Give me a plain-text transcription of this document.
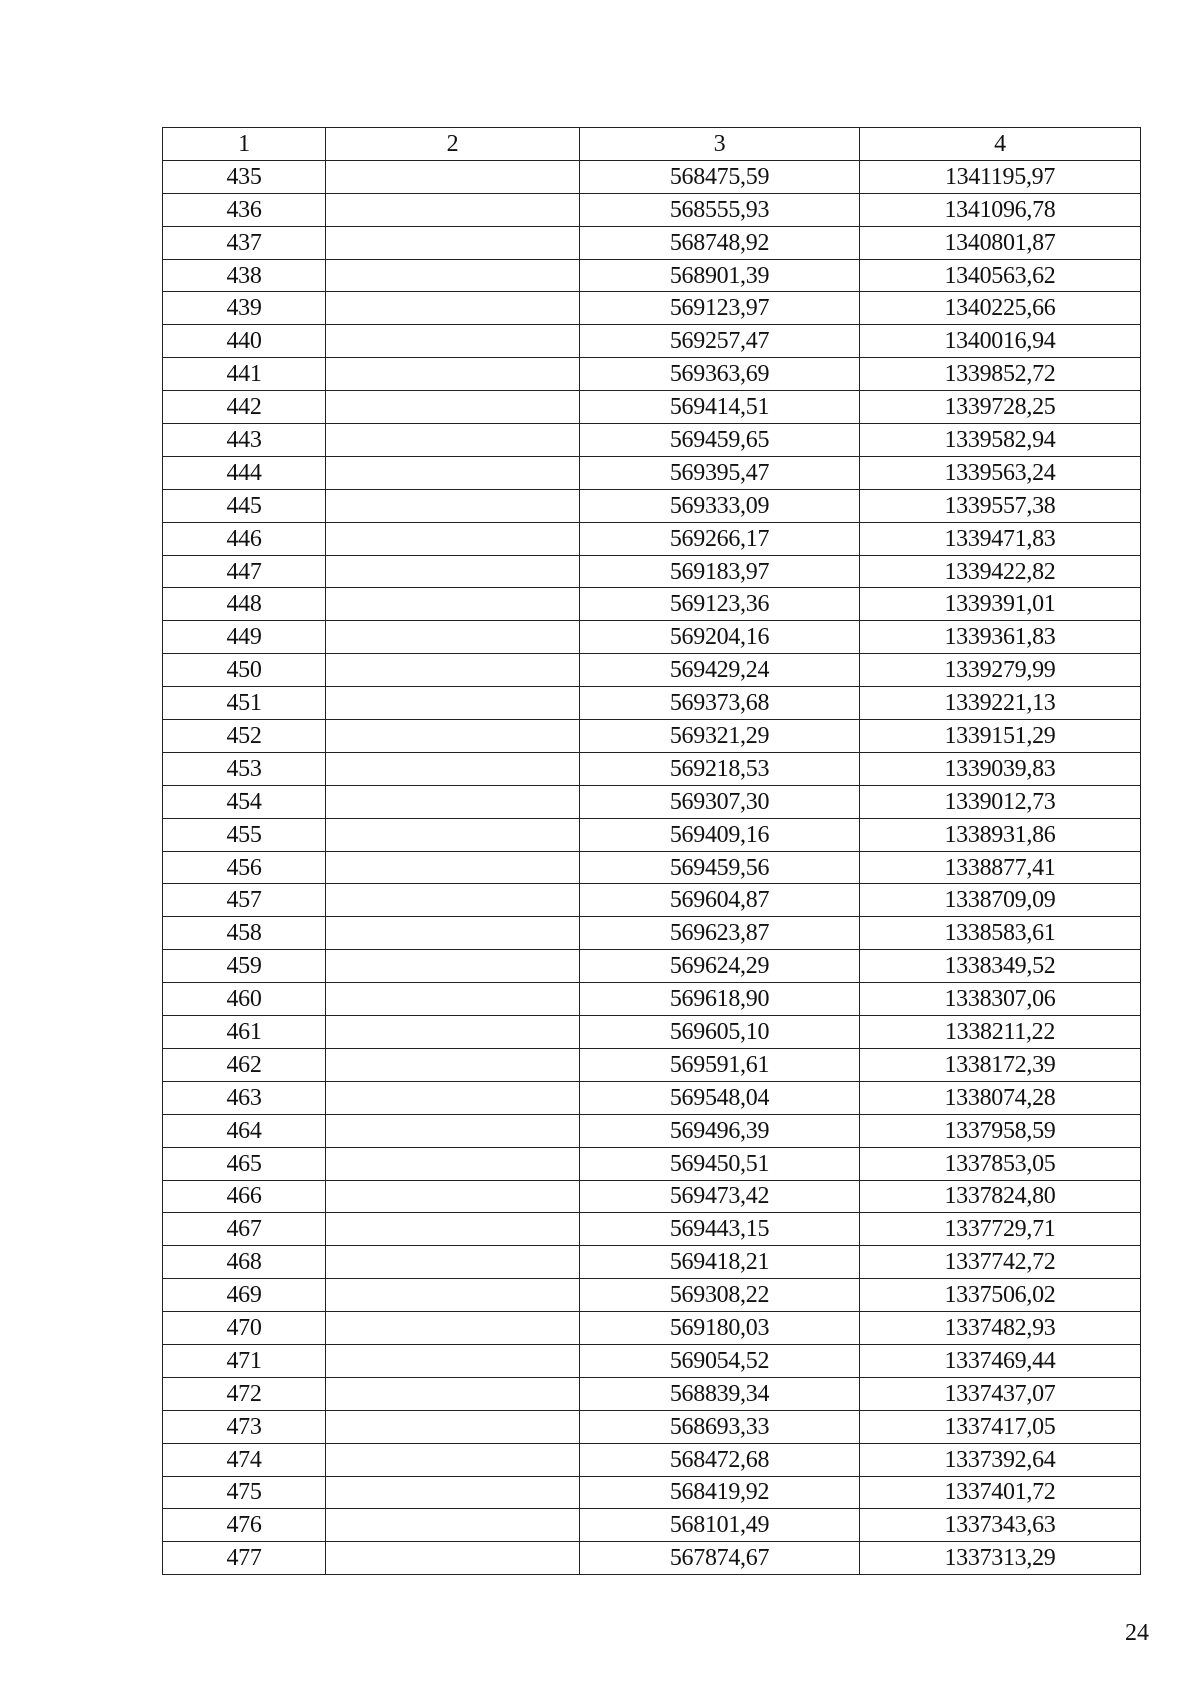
1	2	3	4
435		568475,59	1341195,97
436		568555,93	1341096,78
437		568748,92	1340801,87
438		568901,39	1340563,62
439		569123,97	1340225,66
440		569257,47	1340016,94
441		569363,69	1339852,72
442		569414,51	1339728,25
443		569459,65	1339582,94
444		569395,47	1339563,24
445		569333,09	1339557,38
446		569266,17	1339471,83
447		569183,97	1339422,82
448		569123,36	1339391,01
449		569204,16	1339361,83
450		569429,24	1339279,99
451		569373,68	1339221,13
452		569321,29	1339151,29
453		569218,53	1339039,83
454		569307,30	1339012,73
455		569409,16	1338931,86
456		569459,56	1338877,41
457		569604,87	1338709,09
458		569623,87	1338583,61
459		569624,29	1338349,52
460		569618,90	1338307,06
461		569605,10	1338211,22
462		569591,61	1338172,39
463		569548,04	1338074,28
464		569496,39	1337958,59
465		569450,51	1337853,05
466		569473,42	1337824,80
467		569443,15	1337729,71
468		569418,21	1337742,72
469		569308,22	1337506,02
470		569180,03	1337482,93
471		569054,52	1337469,44
472		568839,34	1337437,07
473		568693,33	1337417,05
474		568472,68	1337392,64
475		568419,92	1337401,72
476		568101,49	1337343,63
477		567874,67	1337313,29
24
